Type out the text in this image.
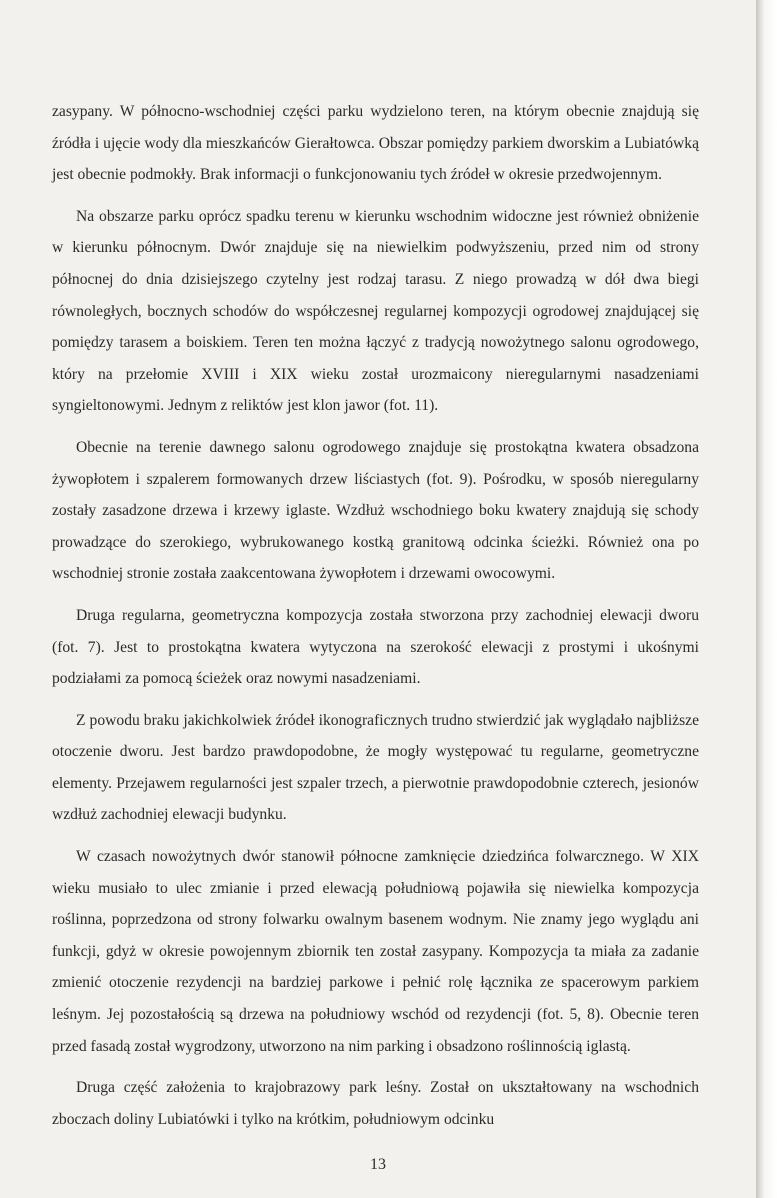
zasypany. W północno-wschodniej części parku wydzielono teren, na którym obecnie znajdują się źródła i ujęcie wody dla mieszkańców Gierałtowca. Obszar pomiędzy parkiem dworskim a Lubiatówką jest obecnie podmokły. Brak informacji o funkcjonowaniu tych źródeł w okresie przedwojennym.

Na obszarze parku oprócz spadku terenu w kierunku wschodnim widoczne jest również obniżenie w kierunku północnym. Dwór znajduje się na niewielkim podwyższeniu, przed nim od strony północnej do dnia dzisiejszego czytelny jest rodzaj tarasu. Z niego prowadzą w dół dwa biegi równoległych, bocznych schodów do współczesnej regularnej kompozycji ogrodowej znajdującej się pomiędzy tarasem a boiskiem. Teren ten można łączyć z tradycją nowożytnego salonu ogrodowego, który na przełomie XVIII i XIX wieku został urozmaicony nieregularnymi nasadzeniami syngieltonowymi. Jednym z reliktów jest klon jawor (fot. 11).

Obecnie na terenie dawnego salonu ogrodowego znajduje się prostokątna kwatera obsadzona żywopłotem i szpalerem formowanych drzew liściastych (fot. 9). Pośrodku, w sposób nieregularny zostały zasadzone drzewa i krzewy iglaste. Wzdłuż wschodniego boku kwatery znajdują się schody prowadzące do szerokiego, wybrukowanego kostką granitową odcinka ścieżki. Również ona po wschodniej stronie została zaakcentowana żywopłotem i drzewami owocowymi.

Druga regularna, geometryczna kompozycja została stworzona przy zachodniej elewacji dworu (fot. 7). Jest to prostokątna kwatera wytyczona na szerokość elewacji z prostymi i ukośnymi podziałami za pomocą ścieżek oraz nowymi nasadzeniami.

Z powodu braku jakichkolwiek źródeł ikonograficznych trudno stwierdzić jak wyglądało najbliższe otoczenie dworu. Jest bardzo prawdopodobne, że mogły występować tu regularne, geometryczne elementy. Przejawem regularności jest szpaler trzech, a pierwotnie prawdopodobnie czterech, jesionów wzdłuż zachodniej elewacji budynku.

W czasach nowożytnych dwór stanowił północne zamknięcie dziedzińca folwarcznego. W XIX wieku musiało to ulec zmianie i przed elewacją południową pojawiła się niewielka kompozycja roślinna, poprzedzona od strony folwarku owalnym basenem wodnym. Nie znamy jego wyglądu ani funkcji, gdyż w okresie powojennym zbiornik ten został zasypany. Kompozycja ta miała za zadanie zmienić otoczenie rezydencji na bardziej parkowe i pełnić rolę łącznika ze spacerowym parkiem leśnym. Jej pozostałością są drzewa na południowy wschód od rezydencji (fot. 5, 8). Obecnie teren przed fasadą został wygrodzony, utworzono na nim parking i obsadzono roślinnością iglastą.

Druga część założenia to krajobrazowy park leśny. Został on ukształtowany na wschodnich zboczach doliny Lubiatówki i tylko na krótkim, południowym odcinku

13
